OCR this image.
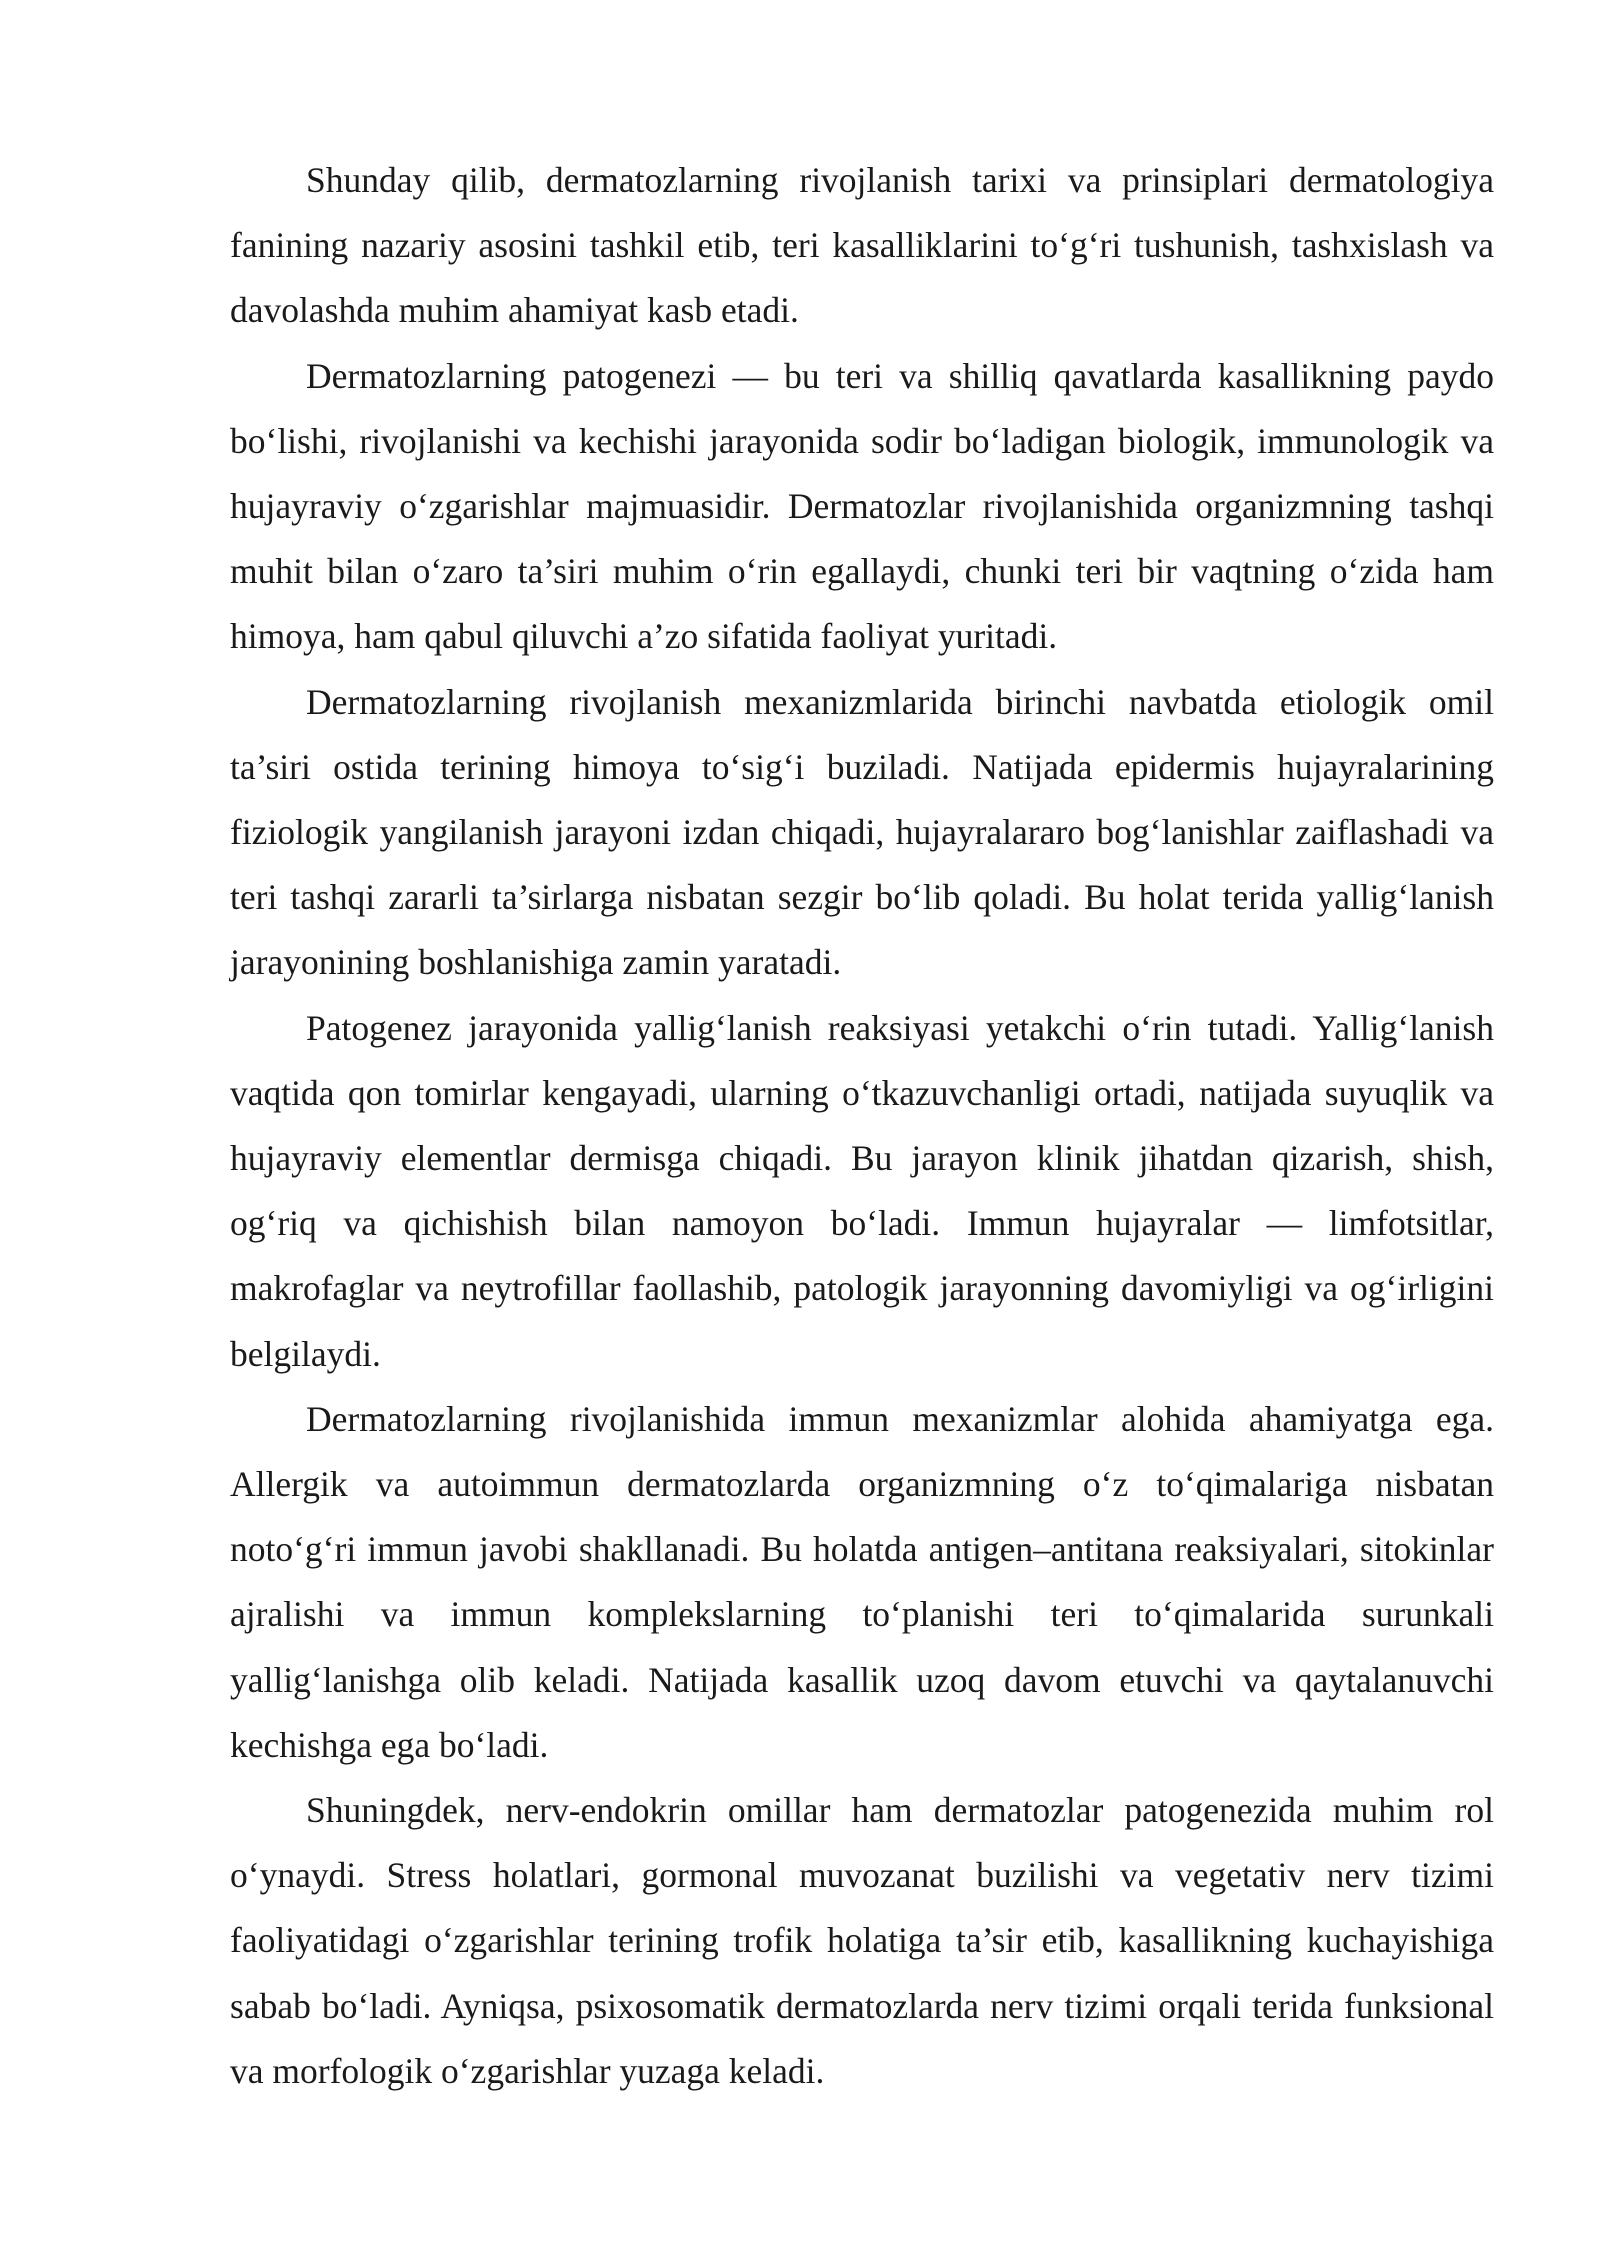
Shunday qilib, dermatozlarning rivojlanish tarixi va prinsiplari dermatologiya fanining nazariy asosini tashkil etib, teri kasalliklarini to‘g‘ri tushunish, tashxislash va davolashda muhim ahamiyat kasb etadi.

Dermatozlarning patogenezi — bu teri va shilliq qavatlarda kasallikning paydo bo‘lishi, rivojlanishi va kechishi jarayonida sodir bo‘ladigan biologik, immunologik va hujayraviy o‘zgarishlar majmuasidir. Dermatozlar rivojlanishida organizmning tashqi muhit bilan o‘zaro ta’siri muhim o‘rin egallaydi, chunki teri bir vaqtning o‘zida ham himoya, ham qabul qiluvchi a’zo sifatida faoliyat yuritadi.

Dermatozlarning rivojlanish mexanizmlarida birinchi navbatda etiologik omil ta’siri ostida terining himoya to‘sig‘i buziladi. Natijada epidermis hujayralarining fiziologik yangilanish jarayoni izdan chiqadi, hujayralararo bog‘lanishlar zaiflashadi va teri tashqi zararli ta’sirlarga nisbatan sezgir bo‘lib qoladi. Bu holat terida yallig‘lanish jarayonining boshlanishiga zamin yaratadi.

Patogenez jarayonida yallig‘lanish reaksiyasi yetakchi o‘rin tutadi. Yallig‘lanish vaqtida qon tomirlar kengayadi, ularning o‘tkazuvchanligi ortadi, natijada suyuqlik va hujayraviy elementlar dermisga chiqadi. Bu jarayon klinik jihatdan qizarish, shish, og‘riq va qichishish bilan namoyon bo‘ladi. Immun hujayralar — limfotsitlar, makrofaglar va neytrofillar faollashib, patologik jarayonning davomiyligi va og‘irligini belgilaydi.

Dermatozlarning rivojlanishida immun mexanizmlar alohida ahamiyatga ega. Allergik va autoimmun dermatozlarda organizmning o‘z to‘qimalariga nisbatan noto‘g‘ri immun javobi shakllanadi. Bu holatda antigen–antitana reaksiyalari, sitokinlar ajralishi va immun komplekslarning to‘planishi teri to‘qimalarida surunkali yallig‘lanishga olib keladi. Natijada kasallik uzoq davom etuvchi va qaytalanuvchi kechishga ega bo‘ladi.

Shuningdek, nerv-endokrin omillar ham dermatozlar patogenezida muhim rol o‘ynaydi. Stress holatlari, gormonal muvozanat buzilishi va vegetativ nerv tizimi faoliyatidagi o‘zgarishlar terining trofik holatiga ta’sir etib, kasallikning kuchayishiga sabab bo‘ladi. Ayniqsa, psixosomatik dermatozlarda nerv tizimi orqali terida funksional va morfologik o‘zgarishlar yuzaga keladi.
